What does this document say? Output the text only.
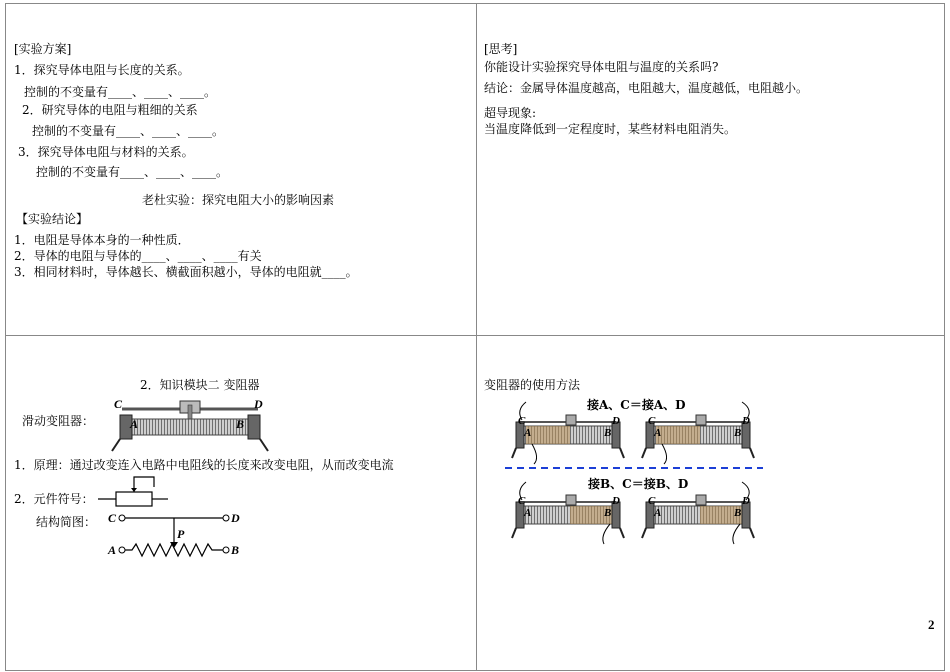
[实验方案]
1．探究导体电阻与长度的关系。
控制的不变量有____、____、____。
2．研究导体的电阻与粗细的关系
控制的不变量有____、____、____。
3．探究导体电阻与材料的关系。
控制的不变量有____、____、____。
老杜实验：探究电阻大小的影响因素
【实验结论】
1．电阻是导体本身的一种性质．
2．导体的电阻与导体的____、____、____有关
3．相同材料时，导体越长、横截面积越小，导体的电阻就____。
[思考]
你能设计实验探究导体电阻与温度的关系吗?
结论：金属导体温度越高，电阻越大，温度越低，电阻越小。
超导现象:
当温度降低到一定程度时，某些材料电阻消失。
2．知识模块二 变阻器
滑动变阻器：
C	D
A	B
1．原理：通过改变连入电路中电阻线的长度来改变电阻，从而改变电流
2．元件符号：
结构简图： C	D
P
A	B
变阻器的使用方法
接A、C＝接A、D
C	D
A	B
C	D
A	B
接B、C＝接B、D
C	D
A	B
C	D
A	B
2
